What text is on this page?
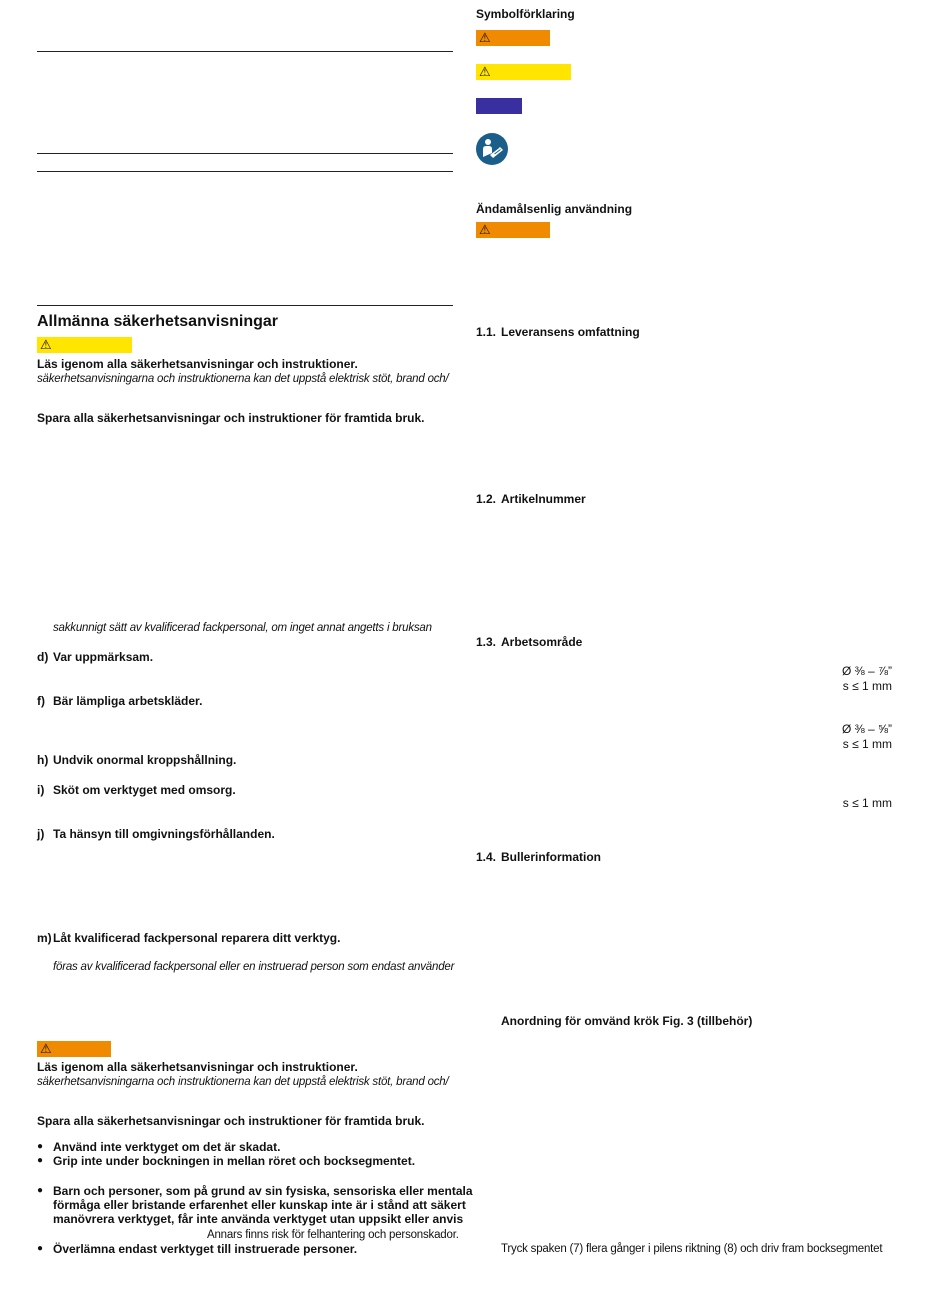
Allmänna säkerhetsanvisningar
⚠
Läs igenom alla säkerhetsanvisningar och instruktioner.
säkerhetsanvisningarna och instruktionerna kan det uppstå elektrisk stöt, brand och/
Spara alla säkerhetsanvisningar och instruktioner för framtida bruk.
sakkunnigt sätt av kvalificerad fackpersonal, om inget annat angetts i bruksan
d) Var uppmärksam.
f) Bär lämpliga arbetskläder.
h) Undvik onormal kroppshållning.
i) Sköt om verktyget med omsorg.
j) Ta hänsyn till omgivningsförhållanden.
m) Låt kvalificerad fackpersonal reparera ditt verktyg.
föras av kvalificerad fackpersonal eller en instruerad person som endast använder
⚠
Läs igenom alla säkerhetsanvisningar och instruktioner.
säkerhetsanvisningarna och instruktionerna kan det uppstå elektrisk stöt, brand och/
Spara alla säkerhetsanvisningar och instruktioner för framtida bruk.
● Använd inte verktyget om det är skadat.
● Grip inte under bockningen in mellan röret och bocksegmentet.
● Barn och personer, som på grund av sin fysiska, sensoriska eller mentala
förmåga eller bristande erfarenhet eller kunskap inte är i stånd att säkert
manövrera verktyget, får inte använda verktyget utan uppsikt eller anvis
Annars finns risk för felhantering och personskador.
● Överlämna endast verktyget till instruerade personer.
Symbolförklaring
⚠
⚠
Ändamålsenlig användning
⚠
1.1. Leveransens omfattning
1.2. Artikelnummer
1.3. Arbetsområde
Ø ⅜ – ⅞”
s ≤ 1 mm
Ø ⅜ – ⅝”
s ≤ 1 mm
s ≤ 1 mm
1.4. Bullerinformation
Anordning för omvänd krök Fig. 3 (tillbehör)
Tryck spaken (7) flera gånger i pilens riktning (8) och driv fram bocksegmentet
